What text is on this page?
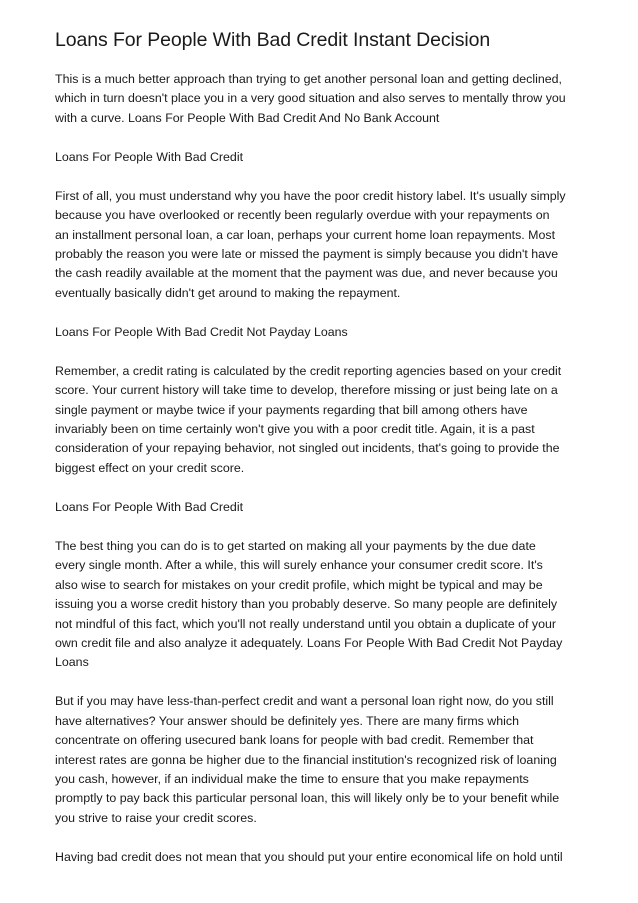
Loans For People With Bad Credit Instant Decision

This is a much better approach than trying to get another personal loan and getting declined,
which in turn doesn't place you in a very good situation and also serves to mentally throw you
with a curve. Loans For People With Bad Credit And No Bank Account

Loans For People With Bad Credit

First of all, you must understand why you have the poor credit history label. It's usually simply
because you have overlooked or recently been regularly overdue with your repayments on
an installment personal loan, a car loan, perhaps your current home loan repayments. Most
probably the reason you were late or missed the payment is simply because you didn't have
the cash readily available at the moment that the payment was due, and never because you
eventually basically didn't get around to making the repayment.

Loans For People With Bad Credit Not Payday Loans

Remember, a credit rating is calculated by the credit reporting agencies based on your credit
score. Your current history will take time to develop, therefore missing or just being late on a
single payment or maybe twice if your payments regarding that bill among others have
invariably been on time certainly won't give you with a poor credit title. Again, it is a past
consideration of your repaying behavior, not singled out incidents, that's going to provide the
biggest effect on your credit score.

Loans For People With Bad Credit

The best thing you can do is to get started on making all your payments by the due date
every single month. After a while, this will surely enhance your consumer credit score. It's
also wise to search for mistakes on your credit profile, which might be typical and may be
issuing you a worse credit history than you probably deserve. So many people are definitely
not mindful of this fact, which you'll not really understand until you obtain a duplicate of your
own credit file and also analyze it adequately. Loans For People With Bad Credit Not Payday
Loans

But if you may have less-than-perfect credit and want a personal loan right now, do you still
have alternatives? Your answer should be definitely yes. There are many firms which
concentrate on offering usecured bank loans for people with bad credit. Remember that
interest rates are gonna be higher due to the financial institution's recognized risk of loaning
you cash, however, if an individual make the time to ensure that you make repayments
promptly to pay back this particular personal loan, this will likely only be to your benefit while
you strive to raise your credit scores.

Having bad credit does not mean that you should put your entire economical life on hold until
